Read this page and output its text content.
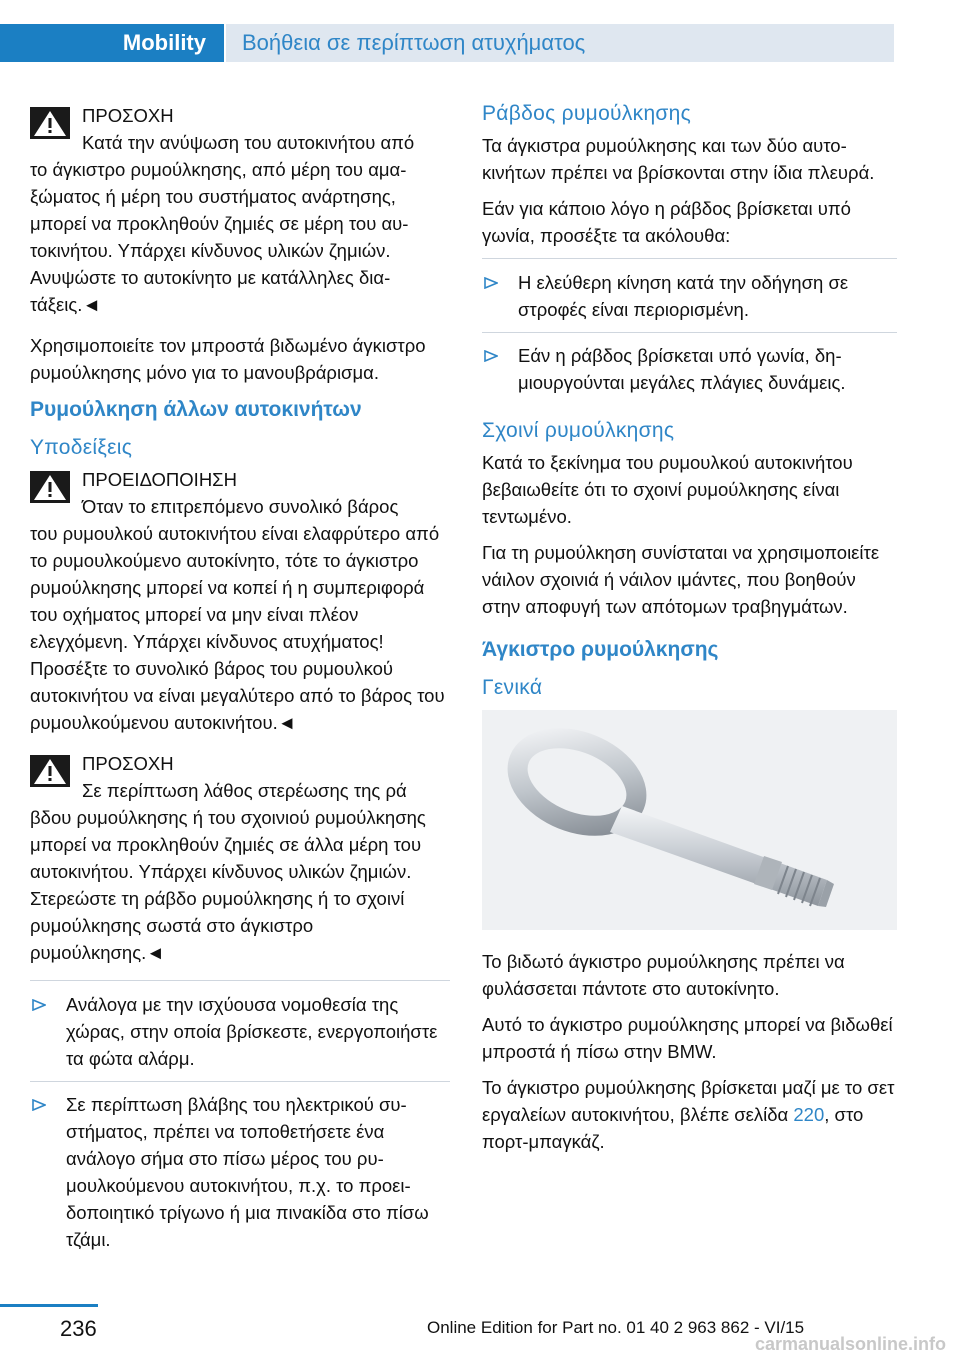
Mobility	Βοήθεια σε περίπτωση ατυχήματος
ΠΡΟΣΟΧΗ

Κατά την ανύψωση του αυτοκινήτου από

το άγκιστρο ρυμούλκησης, από μέρη του αμαξώματος ή μέρη του συστήματος ανάρτησης, μπορεί να προκληθούν ζημιές σε μέρη του αυτοκινήτου. Υπάρχει κίνδυνος υλικών ζημιών. Ανυψώστε το αυτοκίνητο με κατάλληλες διατάξεις.◄

Χρησιμοποιείτε τον μπροστά βιδωμένο άγκιστρο ρυμούλκησης μόνο για το μανουβράρισμα.

Ρυμούλκηση άλλων αυτοκινήτων
Υποδείξεις
ΠΡΟΕΙΔΟΠΟΙΗΣΗ

Όταν το επιτρεπόμενο συνολικό βάρος

του ρυμουλκού αυτοκινήτου είναι ελαφρύτερο από το ρυμουλκούμενο αυτοκίνητο, τότε το άγκιστρο ρυμούλκησης μπορεί να κοπεί ή η συμπεριφορά του οχήματος μπορεί να μην είναι πλέον ελεγχόμενη. Υπάρχει κίνδυνος ατυχήματος! Προσέξτε το συνολικό βάρος του ρυμουλκού αυτοκινήτου να είναι μεγαλύτερο από το βάρος του ρυμουλκούμενου αυτοκινήτου.◄

ΠΡΟΣΟΧΗ

Σε περίπτωση λάθος στερέωσης της ρά

βδου ρυμούλκησης ή του σχοινιού ρυμούλκησης μπορεί να προκληθούν ζημιές σε άλλα μέρη του αυτοκινήτου. Υπάρχει κίνδυνος υλικών ζημιών. Στερεώστε τη ράβδο ρυμούλκησης ή το σχοινί ρυμούλκησης σωστά στο άγκιστρο ρυμούλκησης.◄

Ανάλογα με την ισχύουσα νομοθεσία της χώρας, στην οποία βρίσκεστε, ενεργοποιήστε τα φώτα αλάρμ.
Σε περίπτωση βλάβης του ηλεκτρικού συστήματος, πρέπει να τοποθετήσετε ένα ανάλογο σήμα στο πίσω μέρος του ρυμουλκούμενου αυτοκινήτου, π.χ. το προειδοποιητικό τρίγωνο ή μια πινακίδα στο πίσω τζάμι.
Ράβδος ρυμούλκησης

Τα άγκιστρα ρυμούλκησης και των δύο αυτοκινήτων πρέπει να βρίσκονται στην ίδια πλευρά.

Εάν για κάποιο λόγο η ράβδος βρίσκεται υπό γωνία, προσέξτε τα ακόλουθα:

Η ελεύθερη κίνηση κατά την οδήγηση σε στροφές είναι περιορισμένη.
Εάν η ράβδος βρίσκεται υπό γωνία, δημιουργούνται μεγάλες πλάγιες δυνάμεις.
Σχοινί ρυμούλκησης

Κατά το ξεκίνημα του ρυμουλκού αυτοκινήτου βεβαιωθείτε ότι το σχοινί ρυμούλκησης είναι τεντωμένο.

Για τη ρυμούλκηση συνίσταται να χρησιμοποιείτε νάιλον σχοινιά ή νάιλον ιμάντες, που βοηθούν στην αποφυγή των απότομων τραβηγμάτων.

Άγκιστρο ρυμούλκησης
Γενικά

Το βιδωτό άγκιστρο ρυμούλκησης πρέπει να φυλάσσεται πάντοτε στο αυτοκίνητο.

Αυτό το άγκιστρο ρυμούλκησης μπορεί να βιδωθεί μπροστά ή πίσω στην BMW.

Το άγκιστρο ρυμούλκησης βρίσκεται μαζί με το σετ εργαλείων αυτοκινήτου, βλέπε σελίδα 220, στο πορτ-μπαγκάζ.

236	Online Edition for Part no. 01 40 2 963 862 - VI/15
carmanualsonline.info
